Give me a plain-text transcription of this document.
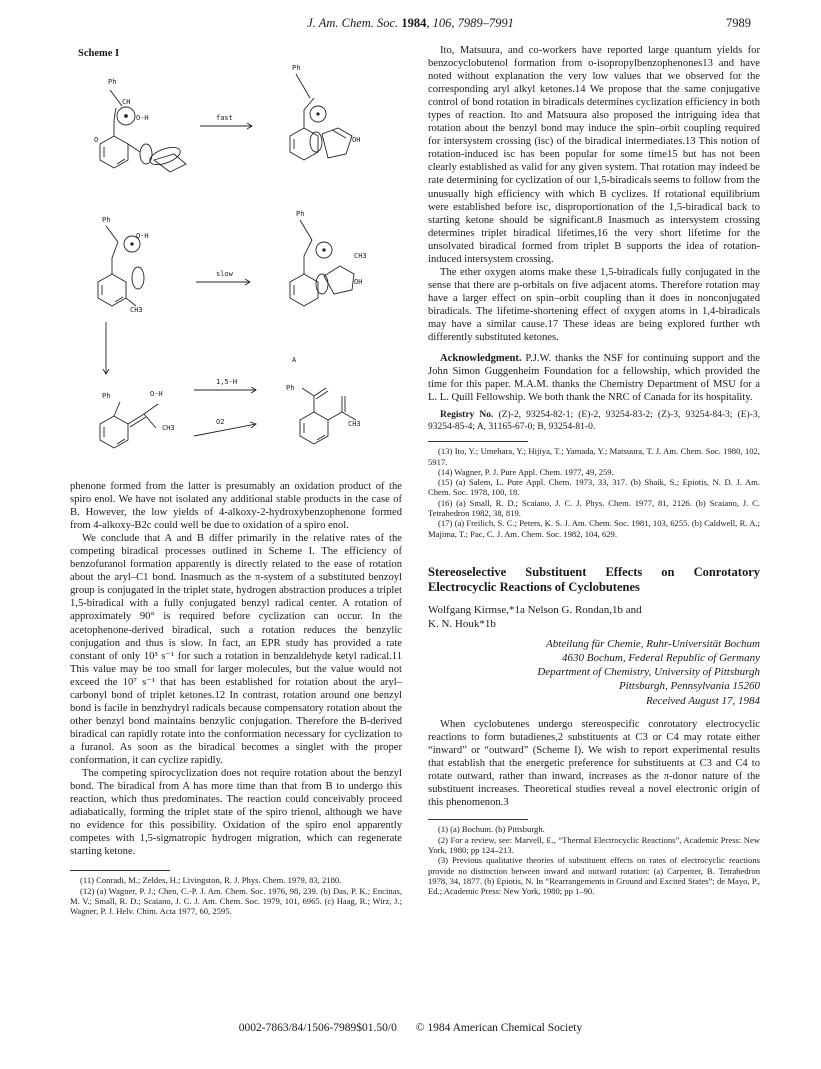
J. Am. Chem. Soc. 1984, 106, 7989–7991	7989
Scheme I
Ph
CH
O-H
O
fast
Ph
OH
Ph
O-H
CH3
slow
Ph
CH3
OH
Ph	O-H
CH3
1,5-H
O2
A
Ph
CH3

phenone formed from the latter is presumably an oxidation product of the spiro enol. We have not isolated any additional stable products in the case of B. However, the low yields of 4-alkoxy-2-hydroxybenzophenone formed from 4-alkoxy-B2c could well be due to oxidation of a spiro enol.

We conclude that A and B differ primarily in the relative rates of the competing biradical processes outlined in Scheme I. The efficiency of benzofuranol formation apparently is directly related to the ease of rotation about the aryl–C1 bond. Inasmuch as the π-system of a substituted benzoyl group is conjugated in the triplet state, hydrogen abstraction produces a triplet 1,5-biradical with a fully conjugated benzyl radical center. A rotation of approximately 90° is required before cyclization can occur. In the acetophenone-derived biradical, such a rotation reduces the benzylic conjugation and thus is slow. In fact, an EPR study has provided a rate constant of only 10³ s⁻¹ for such a rotation in benzaldehyde ketyl radical.11 This value may be too small for larger molecules, but the value would not exceed the 10⁷ s⁻¹ that has been established for rotation about the aryl–carbonyl bond of triplet ketones.12 In contrast, rotation around one benzyl bond is facile in benzhydryl radicals because compensatory rotation about the other benzyl bond maintains benzylic conjugation. Therefore the B-derived biradical can rapidly rotate into the conformation necessary for cyclization to a furanol. As soon as the biradical becomes a singlet with the proper conformation, it can cyclize rapidly.

The competing spirocyclization does not require rotation about the benzyl bond. The biradical from A has more time than that from B to undergo this reaction, which thus predominates. The reaction could conceivably proceed adiabatically, forming the triplet state of the spiro trienol, although we have no evidence for this possibility. Oxidation of the spiro enol apparently competes with 1,5-sigmatropic hydrogen migration, which can regenerate starting ketone.

(11) Conradi, M.; Zeldes, H.; Livingston, R. J. Phys. Chem. 1979, 83, 2180.

(12) (a) Wagner, P. J.; Chen, C.-P. J. Am. Chem. Soc. 1976, 98, 239. (b) Das, P. K.; Encinas, M. V.; Small, R. D.; Scaiano, J. C. J. Am. Chem. Soc. 1979, 101, 6965. (c) Haag, R.; Wirz, J.; Wagner, P. J. Helv. Chim. Acta 1977, 60, 2595.

Ito, Matsuura, and co-workers have reported large quantum yields for benzocyclobutenol formation from o-isopropylbenzophenones13 and have noted without explanation the very low values that we observed for the corresponding aryl alkyl ketones.14 We propose that the same conjugative control of bond rotation in biradicals determines cyclization efficiency in both types of reaction. Ito and Matsuura also proposed the intriguing idea that rotation about the benzyl bond may induce the spin–orbit coupling required for intersystem crossing (isc) of the biradical intermediates.13 This notion of rotation-induced isc has been popular for some time15 but has not been clearly established as valid for any given system. That rotation may indeed be rate determining for cyclization of our 1,5-biradicals seems to follow from the unusually high efficiency with which B cyclizes. If rotational equilibrium were established before isc, disproportionation of the 1,5-biradical back to starting ketone should be significant.8 Inasmuch as intersystem crossing determines triplet biradical lifetimes,16 the very short lifetime for the unsolvated biradical formed from triplet B supports the idea of rotation-induced intersystem crossing.

The ether oxygen atoms make these 1,5-biradicals fully conjugated in the sense that there are p-orbitals on five adjacent atoms. Therefore rotation may have a larger effect on spin–orbit coupling than it does in nonconjugated biradicals. The lifetime-shortening effect of oxygen atoms in 1,4-biradicals may have a similar cause.17 These ideas are being explored further wth differently substituted ketones.

Acknowledgment. P.J.W. thanks the NSF for continuing support and the John Simon Guggenheim Foundation for a fellowship, which provided the time for this paper. M.A.M. thanks the Chemistry Department of MSU for a L. L. Quill Fellowship. We both thank the NRC of Canada for its hospitality.

Registry No. (Z)-2, 93254-82-1; (E)-2, 93254-83-2; (Z)-3, 93254-84-3; (E)-3, 93254-85-4; A, 31165-67-0; B, 93254-81-0.

(13) Ito, Y.; Umehara, Y.; Hijiya, T.; Yamada, Y.; Matsuura, T. J. Am. Chem. Soc. 1980, 102, 5917.

(14) Wagner, P. J. Pure Appl. Chem. 1977, 49, 259.

(15) (a) Salem, L. Pure Appl. Chem. 1973, 33, 317. (b) Shaik, S.; Epiotis, N. D. J. Am. Chem. Soc. 1978, 100, 18.

(16) (a) Small, R. D.; Scaiano, J. C. J. Phys. Chem. 1977, 81, 2126. (b) Scaiano, J. C. Tetrahedron 1982, 38, 819.

(17) (a) Freilich, S. C.; Peters, K. S. J. Am. Chem. Soc. 1981, 103, 6255. (b) Caldwell, R. A.; Majima, T.; Pac, C. J. Am. Chem. Soc. 1982, 104, 629.

Stereoselective Substituent Effects on Conrotatory Electrocyclic Reactions of Cyclobutenes
Wolfgang Kirmse,*1a Nelson G. Rondan,1b and
K. N. Houk*1b
Abteilung für Chemie, Ruhr-Universität Bochum
4630 Bochum, Federal Republic of Germany
Department of Chemistry, University of Pittsburgh
Pittsburgh, Pennsylvania 15260
Received August 17, 1984

When cyclobutenes undergo stereospecific conrotatory electrocyclic reactions to form butadienes,2 substituents at C3 or C4 may rotate either “inward” or “outward” (Scheme I). We wish to report experimental results that establish that the energetic preference for substituents at C3 and C4 to rotate outward, rather than inward, increases as the π-donor nature of the substituent increases. Theoretical studies reveal a novel electronic origin of this phenomenon.3

(1) (a) Bochum. (b) Pittsburgh.

(2) For a review, see: Marvell, E., “Thermal Electrocyclic Reactions”, Academic Press: New York, 1980; pp 124–213.

(3) Previous qualitative theories of substituent effects on rates of electrocyclic reactions provide no distinction between inward and outward rotation: (a) Carpenter, B. Tetrahedron 1978, 34, 1877. (b) Epiotis, N. In “Rearrangements in Ground and Excited States”; de Mayo, P., Ed.; Academic Press: New York, 1980; pp 1–90.

0002-7863/84/1506-7989$01.50/0 © 1984 American Chemical Society
